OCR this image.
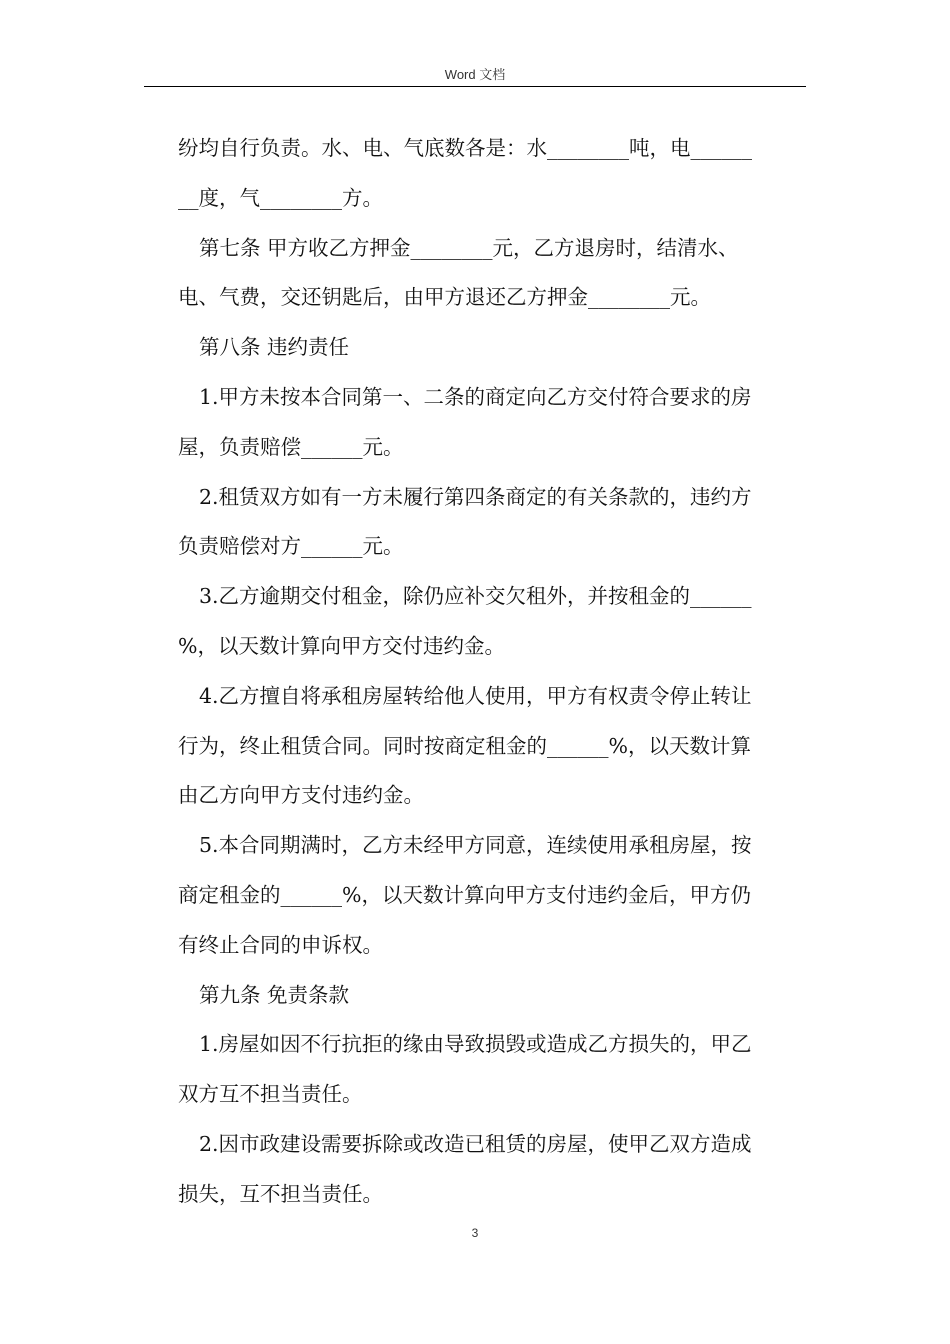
Word 文档
纷均自行负责。水、电、气底数各是：水________吨，电______
__度，气________方。
第七条 甲方收乙方押金________元，乙方退房时，结清水、
电、气费，交还钥匙后，由甲方退还乙方押金________元。
第八条 违约责任
1.甲方未按本合同第一、二条的商定向乙方交付符合要求的房
屋，负责赔偿______元。
2.租赁双方如有一方未履行第四条商定的有关条款的，违约方
负责赔偿对方______元。
3.乙方逾期交付租金，除仍应补交欠租外，并按租金的______
%，以天数计算向甲方交付违约金。
4.乙方擅自将承租房屋转给他人使用，甲方有权责令停止转让
行为，终止租赁合同。同时按商定租金的______%，以天数计算
由乙方向甲方支付违约金。
5.本合同期满时，乙方未经甲方同意，连续使用承租房屋，按
商定租金的______%，以天数计算向甲方支付违约金后，甲方仍
有终止合同的申诉权。
第九条 免责条款
1.房屋如因不行抗拒的缘由导致损毁或造成乙方损失的，甲乙
双方互不担当责任。
2.因市政建设需要拆除或改造已租赁的房屋，使甲乙双方造成
损失，互不担当责任。
3
